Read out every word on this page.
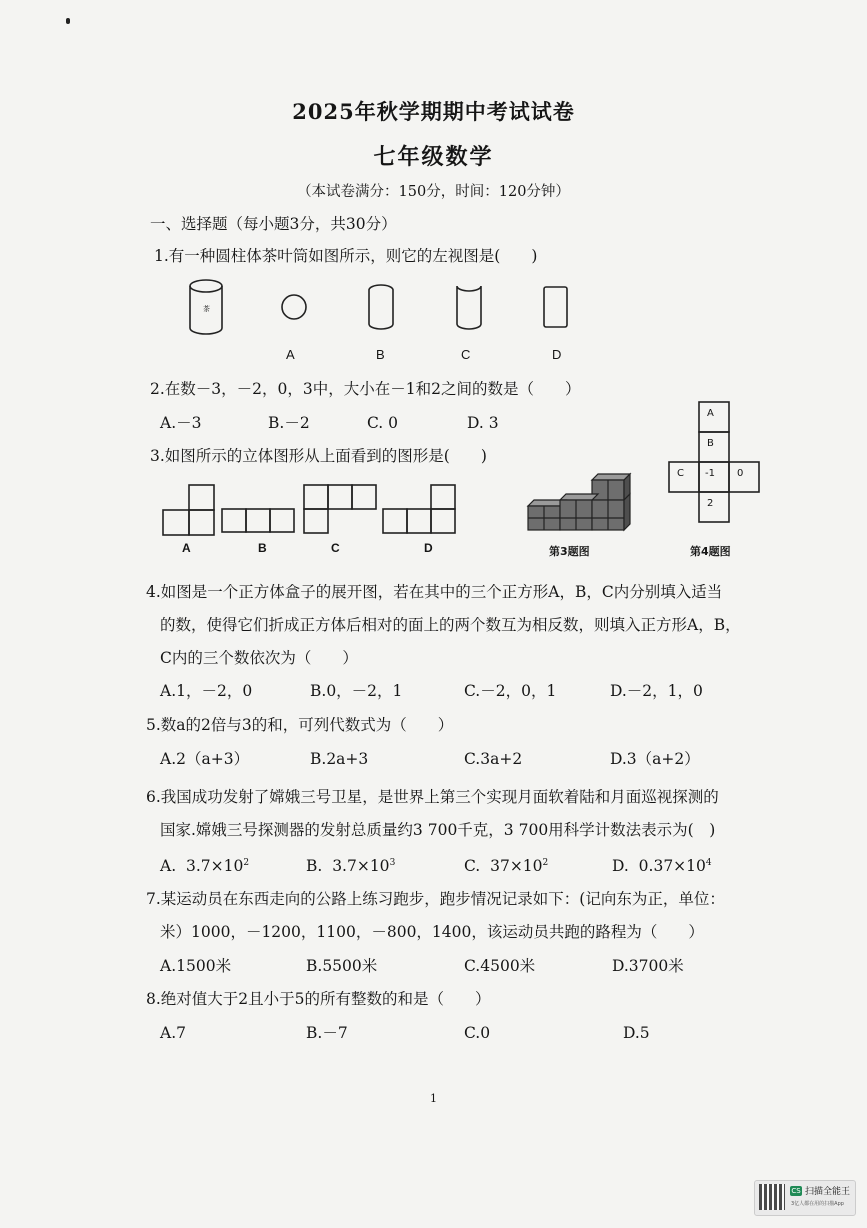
2025年秋学期期中考试试卷
七年级数学
（本试卷满分：150分，时间：120分钟）
一、选择题（每小题3分，共30分）
1.有一种圆柱体茶叶筒如图所示，则它的左视图是(　　)
茶
A	B	C	D
2.在数－3，－2，0，3中，大小在－1和2之间的数是（　　）
A.－3	B.－2	C. 0	D. 3
A
B
C -1 0
2
3.如图所示的立体图形从上面看到的图形是(　　)
A	B	C	D	第3题图	第4题图
4.如图是一个正方体盒子的展开图，若在其中的三个正方形A，B，C内分别填入适当
的数，使得它们折成正方体后相对的面上的两个数互为相反数，则填入正方形A，B，
C内的三个数依次为（　　）
A.1，－2，0	B.0，－2，1	C.－2，0，1	D.－2，1，0
5.数a的2倍与3的和，可列代数式为（　　）
A.2（a+3）	B.2a+3	C.3a+2	D.3（a+2）
6.我国成功发射了嫦娥三号卫星，是世界上第三个实现月面软着陆和月面巡视探测的
国家.嫦娥三号探测器的发射总质量约3 700千克，3 700用科学计数法表示为(　)
A. $3.7\times 10^2$	B. $3.7\times 10^3$	C. $37\times 10^2$	D. $0.37\times 10^4$
7.某运动员在东西走向的公路上练习跑步，跑步情况记录如下：(记向东为正，单位：
米）1000，－1200，1100，－800，1400，该运动员共跑的路程为（　　）
A.1500米	B.5500米	C.4500米	D.3700米
8.绝对值大于2且小于5的所有整数的和是（　　）
A.7	B.－7	C.0	D.5
1
CS 扫描全能王
3亿人都在用的扫描App
